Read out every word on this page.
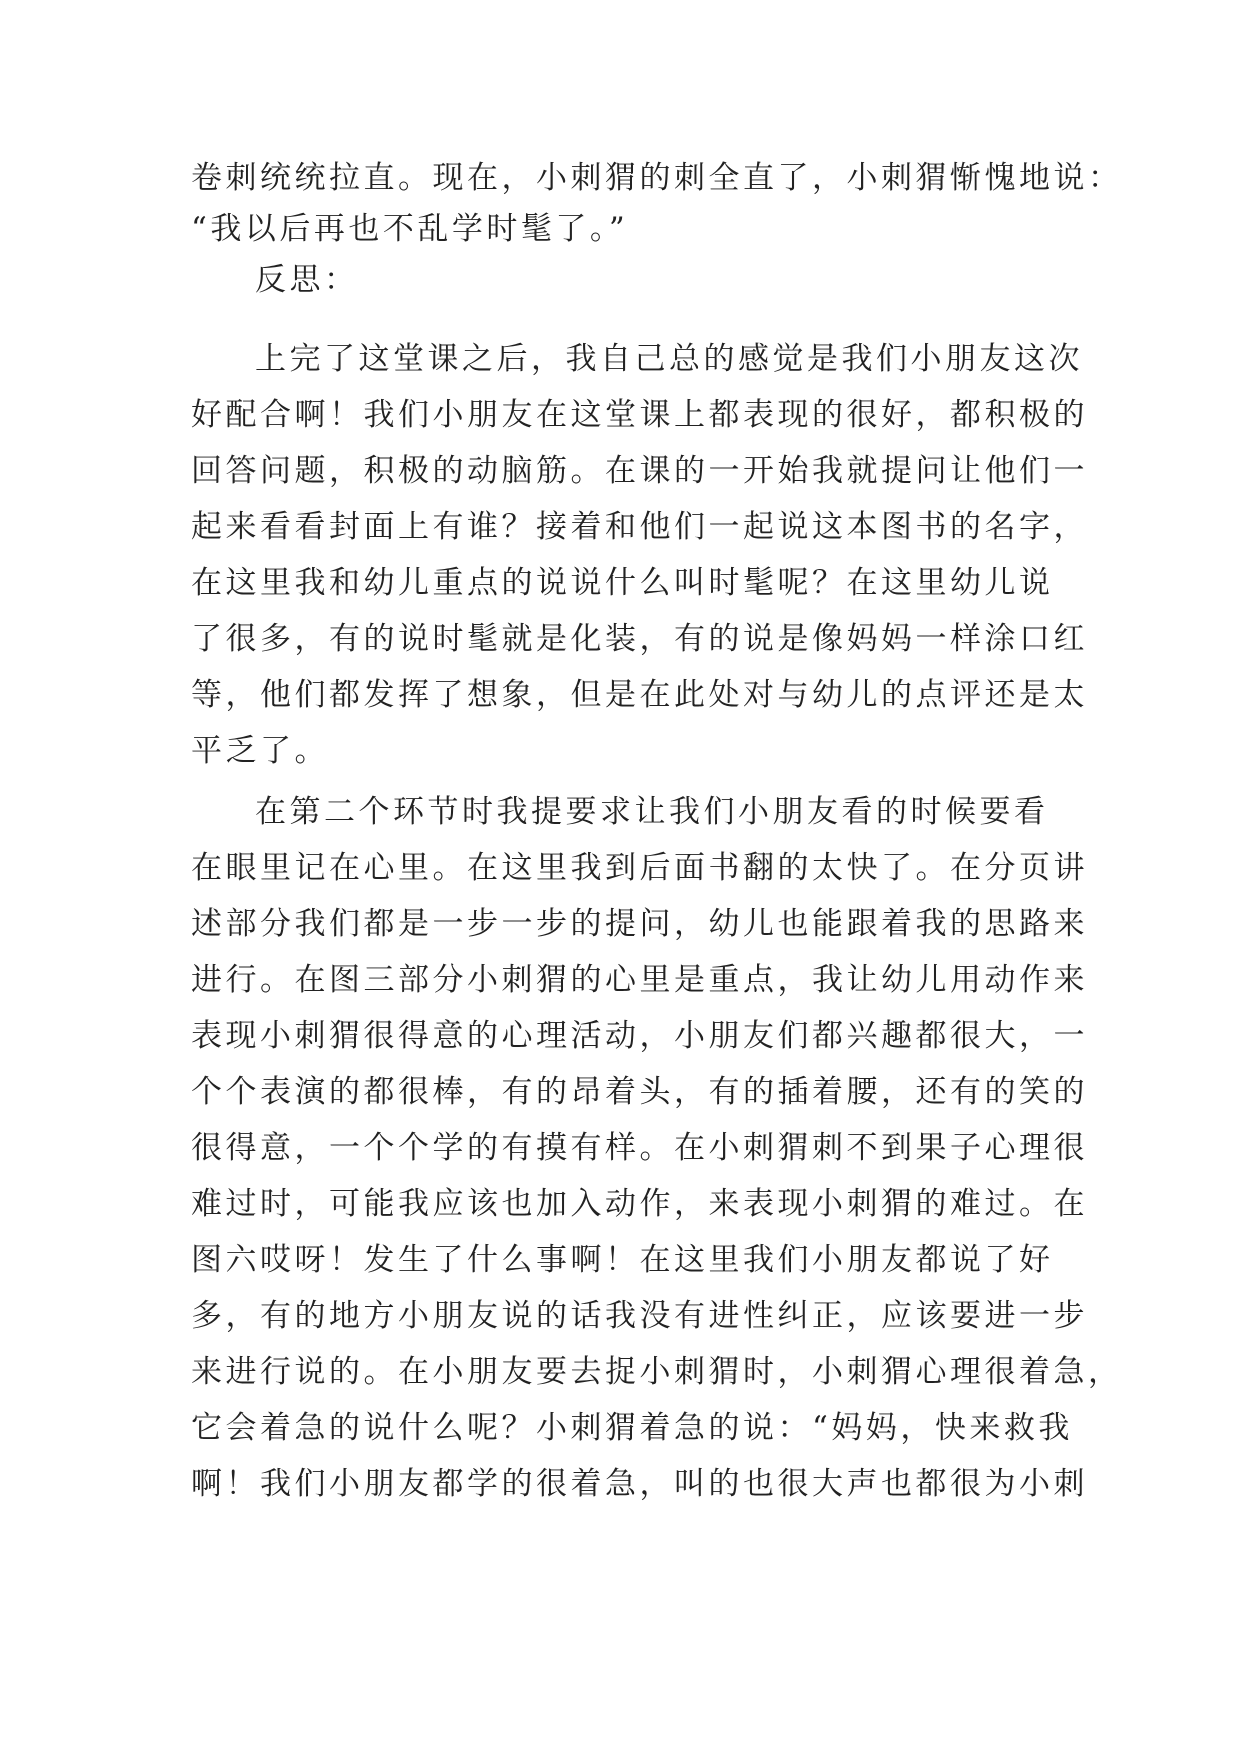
卷刺统统拉直。现在，小刺猬的刺全直了，小刺猬惭愧地说：
“我以后再也不乱学时髦了。”
反思：
上完了这堂课之后，我自己总的感觉是我们小朋友这次
好配合啊！我们小朋友在这堂课上都表现的很好，都积极的
回答问题，积极的动脑筋。在课的一开始我就提问让他们一
起来看看封面上有谁？接着和他们一起说这本图书的名字，
在这里我和幼儿重点的说说什么叫时髦呢？在这里幼儿说
了很多，有的说时髦就是化装，有的说是像妈妈一样涂口红
等，他们都发挥了想象，但是在此处对与幼儿的点评还是太
平乏了。
在第二个环节时我提要求让我们小朋友看的时候要看
在眼里记在心里。在这里我到后面书翻的太快了。在分页讲
述部分我们都是一步一步的提问，幼儿也能跟着我的思路来
进行。在图三部分小刺猬的心里是重点，我让幼儿用动作来
表现小刺猬很得意的心理活动，小朋友们都兴趣都很大，一
个个表演的都很棒，有的昂着头，有的插着腰，还有的笑的
很得意，一个个学的有摸有样。在小刺猬刺不到果子心理很
难过时，可能我应该也加入动作，来表现小刺猬的难过。在
图六哎呀！发生了什么事啊！在这里我们小朋友都说了好
多，有的地方小朋友说的话我没有进性纠正，应该要进一步
来进行说的。在小朋友要去捉小刺猬时，小刺猬心理很着急，
它会着急的说什么呢？小刺猬着急的说：“妈妈，快来救我
啊！我们小朋友都学的很着急，叫的也很大声也都很为小刺
